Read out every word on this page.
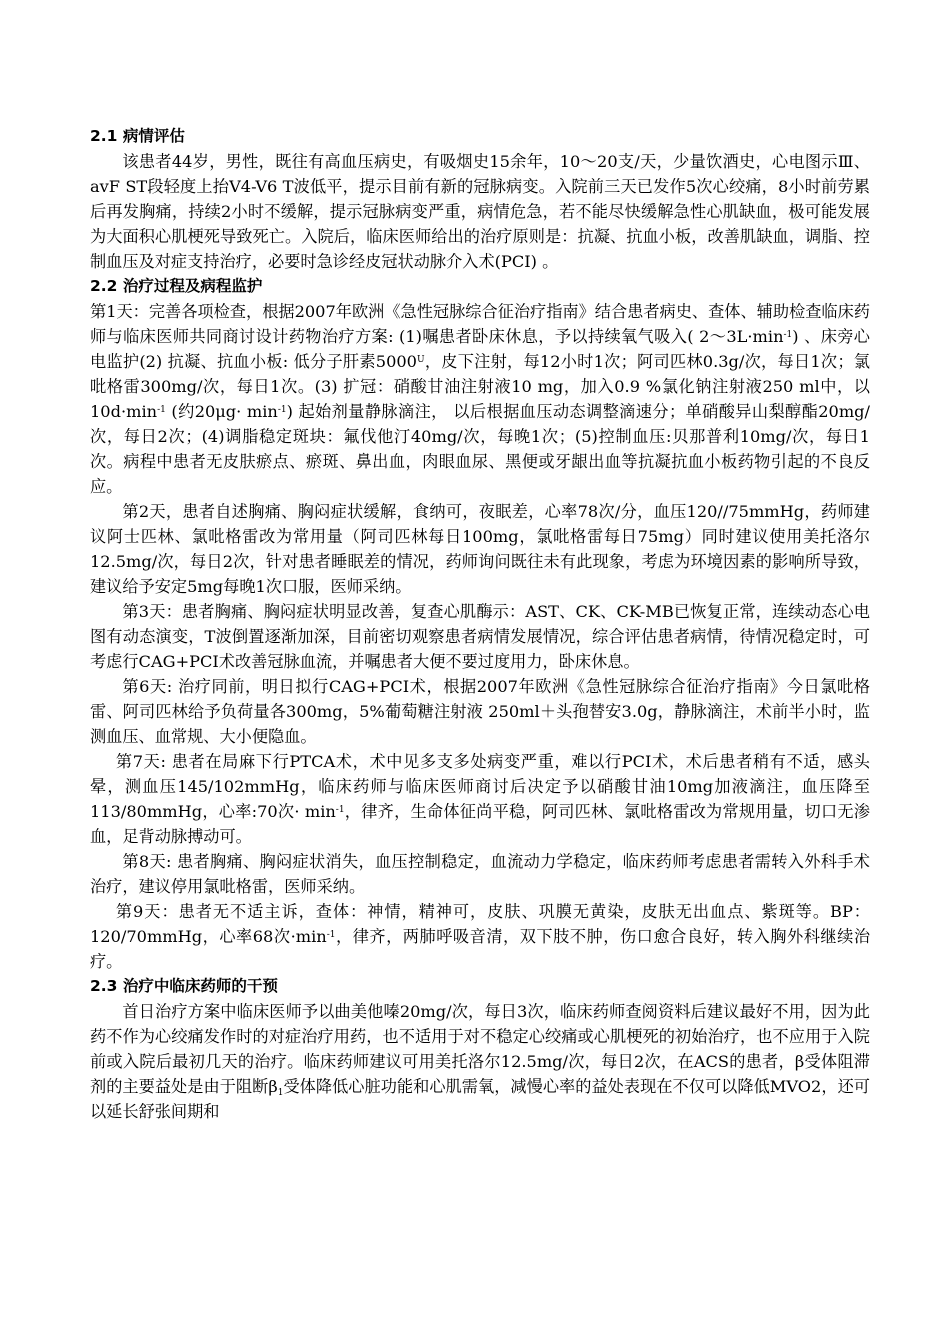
2.1 病情评估

该患者44岁，男性，既往有高血压病史，有吸烟史15余年，10～20支/天，少量饮酒史，心电图示Ⅲ、avF ST段轻度上抬V4-V6 T波低平，提示目前有新的冠脉病变。入院前三天已发作5次心绞痛，8小时前劳累后再发胸痛，持续2小时不缓解，提示冠脉病变严重，病情危急，若不能尽快缓解急性心肌缺血，极可能发展为大面积心肌梗死导致死亡。入院后，临床医师给出的治疗原则是：抗凝、抗血小板，改善肌缺血，调脂、控制血压及对症支持治疗，必要时急诊经皮冠状动脉介入术(PCI) 。

2.2 治疗过程及病程监护

第1天：完善各项检查，根据2007年欧洲《急性冠脉综合征治疗指南》结合患者病史、查体、辅助检查临床药师与临床医师共同商讨设计药物治疗方案: (1)嘱患者卧床休息，予以持续氧气吸入( $2\sim 3L\cdot\min^{-1}$) 、床旁心电监护(2) 抗凝、抗血小板: 低分子肝素$5000^U$，皮下注射，每12小时1次；阿司匹林0.3g/次，每日1次；氯吡格雷300mg/次，每日1次。(3) 扩冠：硝酸甘油注射液10 mg，加入0.9 %氯化钠注射液250 ml中，以$10d\cdot\min^{-1}$ (约$20\mu g\cdot \min^{-1}$) 起始剂量静脉滴注， 以后根据血压动态调整滴速分；单硝酸异山梨醇酯20mg/次，每日2次；(4)调脂稳定斑块：氟伐他汀40mg/次，每晚1次；(5)控制血压:贝那普利10mg/次，每日1次。病程中患者无皮肤瘀点、瘀斑、鼻出血，肉眼血尿、黑便或牙龈出血等抗凝抗血小板药物引起的不良反应。

第2天，患者自述胸痛、胸闷症状缓解，食纳可，夜眠差，心率78次/分，血压120//75mmHg，药师建议阿士匹林、氯吡格雷改为常用量（阿司匹林每日100mg，氯吡格雷每日75mg）同时建议使用美托洛尔12.5mg/次，每日2次，针对患者睡眠差的情况，药师询问既往未有此现象，考虑为环境因素的影响所导致，建议给予安定5mg每晚1次口服，医师采纳。

第3天：患者胸痛、胸闷症状明显改善，复查心肌酶示：AST、CK、CK-MB已恢复正常，连续动态心电图有动态演变，T波倒置逐渐加深，目前密切观察患者病情发展情况，综合评估患者病情，待情况稳定时，可考虑行CAG+PCI术改善冠脉血流，并嘱患者大便不要过度用力，卧床休息。

第6天: 治疗同前，明日拟行CAG+PCI术，根据2007年欧洲《急性冠脉综合征治疗指南》今日氯吡格雷、阿司匹林给予负荷量各300mg，5%葡萄糖注射液 250ml＋头孢替安3.0g，静脉滴注，术前半小时，监测血压、血常规、大小便隐血。

第7天: 患者在局麻下行PTCA术，术中见多支多处病变严重，难以行PCI术，术后患者稍有不适，感头晕，测血压145/102mmHg，临床药师与临床医师商讨后决定予以硝酸甘油10mg加液滴注，血压降至113/80mmHg，心率:70次· $\min^{-1}$，律齐，生命体征尚平稳，阿司匹林、氯吡格雷改为常规用量，切口无渗血，足背动脉搏动可。

第8天: 患者胸痛、胸闷症状消失，血压控制稳定，血流动力学稳定，临床药师考虑患者需转入外科手术治疗，建议停用氯吡格雷，医师采纳。

第9天：患者无不适主诉，查体：神情，精神可，皮肤、巩膜无黄染，皮肤无出血点、紫斑等。BP：120/70mmHg，心率68次$\cdot\min^{-1}$，律齐，两肺呼吸音清，双下肢不肿，伤口愈合良好，转入胸外科继续治疗。

2.3 治疗中临床药师的干预

首日治疗方案中临床医师予以曲美他嗪20mg/次，每日3次，临床药师查阅资料后建议最好不用，因为此药不作为心绞痛发作时的对症治疗用药，也不适用于对不稳定心绞痛或心肌梗死的初始治疗，也不应用于入院前或入院后最初几天的治疗。临床药师建议可用美托洛尔12.5mg/次，每日2次，在ACS的患者，β受体阻滞剂的主要益处是由于阻断$\beta_1$受体降低心脏功能和心肌需氧，减慢心率的益处表现在不仅可以降低MVO2，还可以延长舒张间期和
